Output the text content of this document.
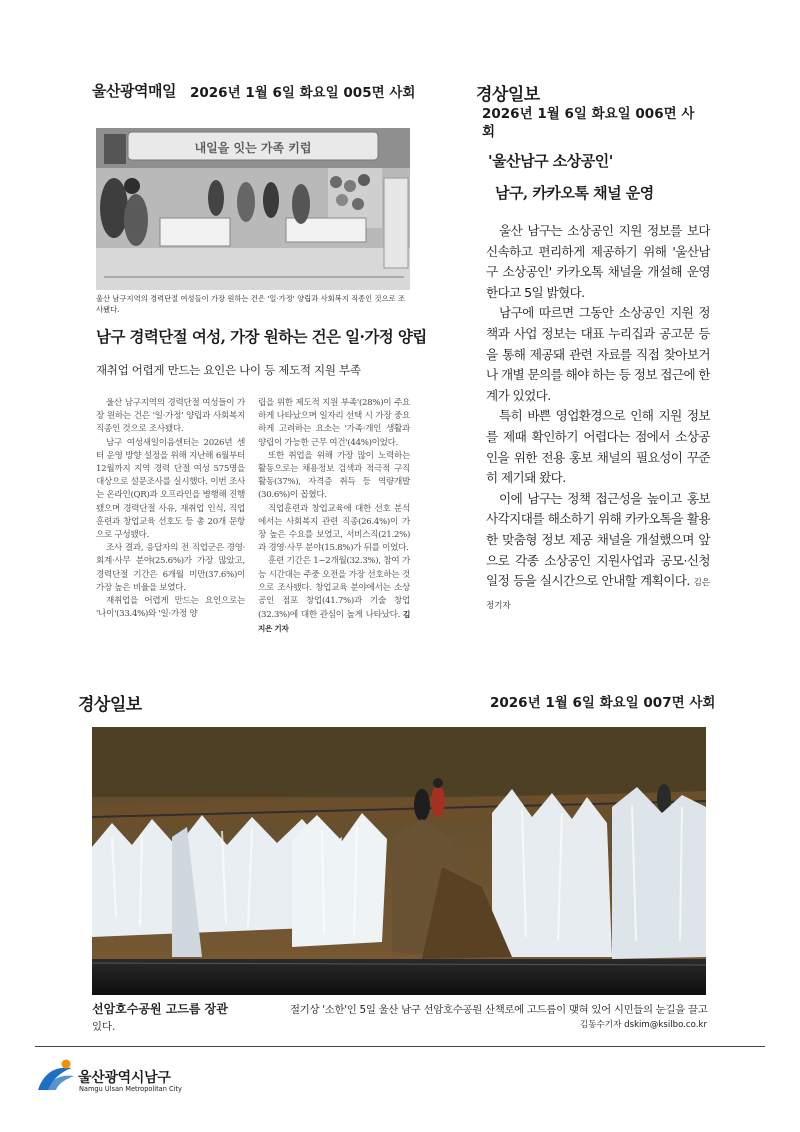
울산광역매일 2026년 1월 6일 화요일 005면 사회
내일을 잇는 가족 키럽
울산 남구지역의 경력단절 여성들이 가장 원하는 건은 '일·가정' 양립과 사회복지 직종인 것으로 조사됐다.
남구 경력단절 여성, 가장 원하는 건은 일·가정 양립
재취업 어렵게 만드는 요인은 나이 등 제도적 지원 부족

울산 남구지역의 경력단절 여성들이 가장 원하는 건은 '일·가정' 양립과 사회복지 직종인 것으로 조사됐다.

남구 여성새일이음센터는 2026년 센터 운영 방향 설정을 위해 지난해 6월부터 12월까지 지역 경력 단절 여성 575명을 대상으로 설문조사를 실시했다. 이번 조사는 온라인(QR)과 오프라인을 병행해 진행됐으며 경력단절 사유, 재취업 인식, 직업훈련과 창업교육 선호도 등 총 20개 문항으로 구성됐다.

조사 결과, 응답자의 전 직업군은 경영·회계·사무 분야(25.6%)가 가장 많았고, 경력단절 기간은 6개월 미만(37.6%)이 가장 높은 비율을 보였다.

재취업을 어렵게 만드는 요인으로는 '나이'(33.4%)와 '일·가정 양

립을 위한 제도적 지원 부족'(28%)이 주요하게 나타났으며 일자리 선택 시 가장 중요하게 고려하는 요소는 '가족·개인 생활과 양립이 가능한 근무 여건'(44%)이었다.

또한 취업을 위해 가장 많이 노력하는 활동으로는 채용정보 검색과 적극적 구직활동(37%), 자격증 취득 등 역량개발(30.6%)이 꼽혔다.

직업훈련과 창업교육에 대한 선호 분석에서는 사회복지 관련 직종(26.4%)이 가장 높은 수요를 보였고, 서비스직(21.2%)과 경영·사무 분야(15.8%)가 뒤를 이었다.

훈련 기간은 1~2개월(32.3%), 참여 가능 시간대는 주중 오전을 가장 선호하는 것으로 조사됐다. 창업교육 분야에서는 소상공인 점포 창업(41.7%)과 기술 창업(32.3%)에 대한 관심이 높게 나타났다. 김지은 기자

경상일보
2026년 1월 6일 화요일 006면 사
회
'울산남구 소상공인'
남구, 카카오톡 채널 운영

울산 남구는 소상공인 지원 정보를 보다 신속하고 편리하게 제공하기 위해 '울산남구 소상공인' 카카오톡 채널을 개설해 운영한다고 5일 밝혔다.

남구에 따르면 그동안 소상공인 지원 정책과 사업 정보는 대표 누리집과 공고문 등을 통해 제공돼 관련 자료를 직접 찾아보거나 개별 문의를 해야 하는 등 정보 접근에 한계가 있었다.

특히 바쁜 영업환경으로 인해 지원 정보를 제때 확인하기 어렵다는 점에서 소상공인을 위한 전용 홍보 채널의 필요성이 꾸준히 제기돼 왔다.

이에 남구는 정책 접근성을 높이고 홍보 사각지대를 해소하기 위해 카카오톡을 활용한 맞춤형 정보 제공 채널을 개설했으며 앞으로 각종 소상공인 지원사업과 공모·신청 일정 등을 실시간으로 안내할 계획이다. 김은정기자

경상일보	2026년 1월 6일 화요일 007면 사회
선암호수공원 고드름 장관	절기상 '소한'인 5일 울산 남구 선암호수공원 산책로에 고드름이 맺혀 있어 시민들의 눈길을 끌고
있다.	김동수기자 dskim@ksilbo.co.kr
울산광역시남구
Namgu Ulsan Metropolitan City
